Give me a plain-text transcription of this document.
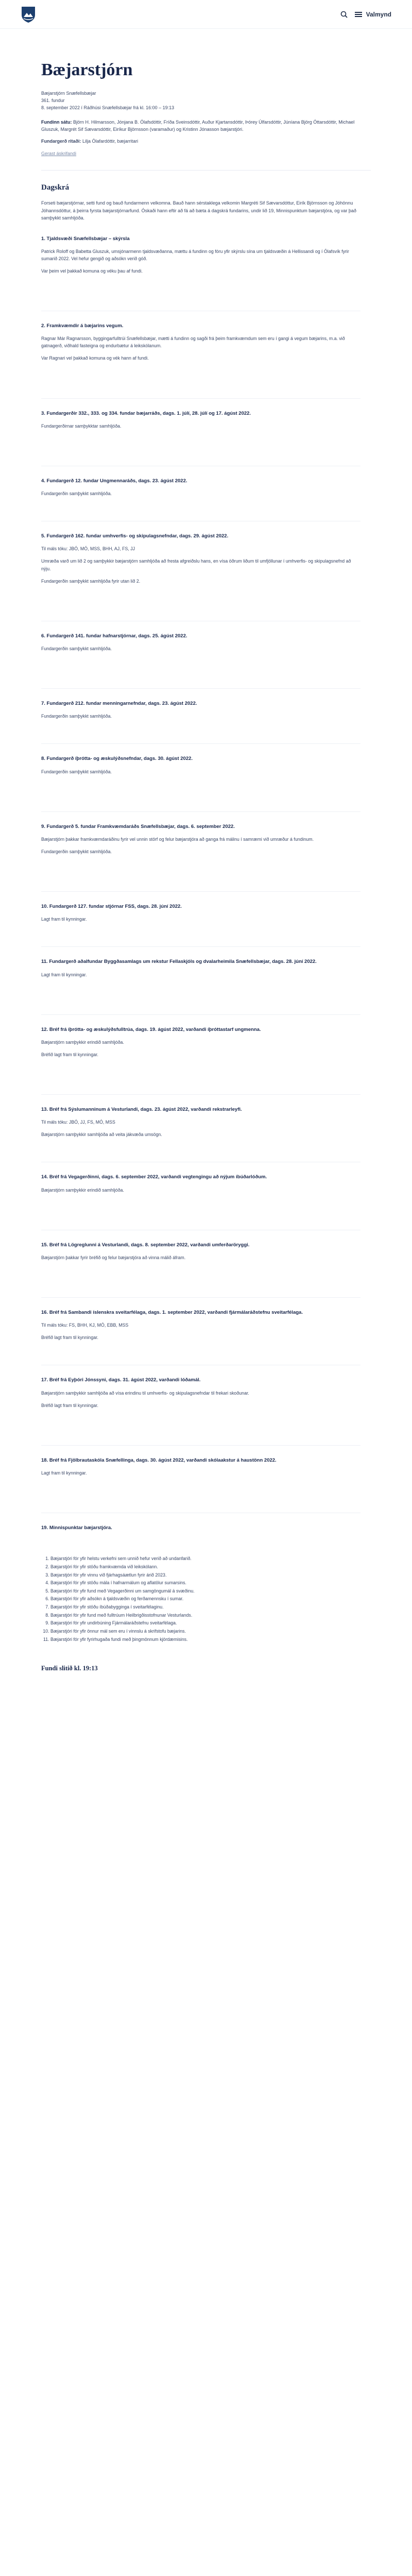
Valmynd
Bæjarstjórn

Bæjarstjórn Snæfellsbæjar

361. fundur

8. september 2022 í Ráðhúsi Snæfellsbæjar frá kl. 16:00 – 19:13

Fundinn sátu: Björn H. Hilmarsson, Jónjana B. Ólafsdóttir, Fríða Sveinsdóttir, Auður Kjartansdóttir, Þórey Úlfarsdóttir, Júníana Björg Óttarsdóttir, Michael Gluszuk, Margrét Sif Sævarsdóttir, Eiríkur Björnsson (varamaður) og Kristinn Jónasson bæjarstjóri.
Fundargerð ritaði: Lilja Ólafardóttir, bæjarritari
Gerast áskrifandi
Dagskrá

Forseti bæjarstjórnar, setti fund og bauð fundarmenn velkomna. Bauð hann sérstaklega velkomin Margréti Sif Sævarsdóttur, Eirík Björnsson og Jóhönnu Jóhannsdóttur, á þeirra fyrsta bæjarstjórnarfund. Óskaði hann eftir að fá að bæta á dagskrá fundarins, undir lið 19, Minnispunktum bæjarstjóra, og var það samþykkt samhljóða.

1. Tjaldsvæði Snæfellsbæjar – skýrsla

Patrick Roloff og Babetta Gluszuk, umsjónarmenn tjaldsvæðanna, mættu á fundinn og fóru yfir skýrslu sína um tjaldsvæðin á Hellissandi og í Ólafsvík fyrir sumarið 2022. Vel hefur gengið og aðsókn verið góð.

Var þeim vel þakkað komuna og véku þau af fundi.

2. Framkvæmdir á bæjarins vegum.

Ragnar Már Ragnarsson, byggingarfulltrúi Snæfellsbæjar, mætti á fundinn og sagði frá þeim framkvæmdum sem eru í gangi á vegum bæjarins, m.a. við gatnagerð, viðhald fasteigna og endurbætur á leikskólanum.

Var Ragnari vel þakkað komuna og vék hann af fundi.

3. Fundargerðir 332., 333. og 334. fundar bæjarráðs, dags. 1. júlí, 28. júlí og 17. ágúst 2022.

Fundargerðirnar samþykktar samhljóða.

4. Fundargerð 12. fundar Ungmennaráðs, dags. 23. ágúst 2022.

Fundargerðin samþykkt samhljóða.

5. Fundargerð 162. fundar umhverfis- og skipulagsnefndar, dags. 29. ágúst 2022.

Til máls tóku: JBÓ, MÓ, MSS, BHH, AJ, FS, JJ

Umræða varð um lið 2 og samþykkir bæjarstjórn samhljóða að fresta afgreiðslu hans, en vísa öðrum liðum til umfjöllunar í umhverfis- og skipulagsnefnd að nýju.

Fundargerðin samþykkt samhljóða fyrir utan lið 2.

6. Fundargerð 141. fundar hafnarstjórnar, dags. 25. ágúst 2022.

Fundargerðin samþykkt samhljóða.

7. Fundargerð 212. fundar menningarnefndar, dags. 23. ágúst 2022.

Fundargerðin samþykkt samhljóða.

8. Fundargerð íþrótta- og æskulýðsnefndar, dags. 30. ágúst 2022.

Fundargerðin samþykkt samhljóða.

9. Fundargerð 5. fundar Framkvæmdaráðs Snæfellsbæjar, dags. 6. september 2022.

Bæjarstjórn þakkar framkvæmdaráðinu fyrir vel unnin störf og felur bæjarstjóra að ganga frá málinu í samræmi við umræður á fundinum.

Fundargerðin samþykkt samhljóða.

10. Fundargerð 127. fundar stjórnar FSS, dags. 28. júní 2022.

Lagt fram til kynningar.

11. Fundargerð aðalfundar Byggðasamlags um rekstur Fellaskjóls og dvalarheimila Snæfellsbæjar, dags. 28. júní 2022.

Lagt fram til kynningar.

12. Bréf frá íþrótta- og æskulýðsfulltrúa, dags. 19. ágúst 2022, varðandi íþróttastarf ungmenna.

Bæjarstjórn samþykkir erindið samhljóða.

Bréfið lagt fram til kynningar.

13. Bréf frá Sýslumanninum á Vesturlandi, dags. 23. ágúst 2022, varðandi rekstrarleyfi.

Til máls tóku: JBÓ, JJ, FS, MÓ, MSS

Bæjarstjórn samþykkir samhljóða að veita jákvæða umsögn.

14. Bréf frá Vegagerðinni, dags. 6. september 2022, varðandi vegtengingu að nýjum íbúðarlóðum.

Bæjarstjórn samþykkir erindið samhljóða.

15. Bréf frá Lögreglunni á Vesturlandi, dags. 8. september 2022, varðandi umferðaröryggi.

Bæjarstjórn þakkar fyrir bréfið og felur bæjarstjóra að vinna málið áfram.

16. Bréf frá Sambandi íslenskra sveitarfélaga, dags. 1. september 2022, varðandi fjármálaráðstefnu sveitarfélaga.

Til máls tóku: FS, BHH, KJ, MÓ, EBB, MSS

Bréfið lagt fram til kynningar.

17. Bréf frá Eyþóri Jónssyni, dags. 31. ágúst 2022, varðandi lóðamál.

Bæjarstjórn samþykkir samhljóða að vísa erindinu til umhverfis- og skipulagsnefndar til frekari skoðunar.

Bréfið lagt fram til kynningar.

18. Bréf frá Fjölbrautaskóla Snæfellinga, dags. 30. ágúst 2022, varðandi skólaakstur á haustönn 2022.

Lagt fram til kynningar.

19. Minnispunktar bæjarstjóra.
1. Bæjarstjóri fór yfir helstu verkefni sem unnið hefur verið að undanfarið.
2. Bæjarstjóri fór yfir stöðu framkvæmda við leikskólann.
3. Bæjarstjóri fór yfir vinnu við fjárhagsáætlun fyrir árið 2023.
4. Bæjarstjóri fór yfir stöðu mála í hafnarmálum og aflatölur sumarsins.
5. Bæjarstjóri fór yfir fund með Vegagerðinni um samgöngumál á svæðinu.
6. Bæjarstjóri fór yfir aðsókn á tjaldsvæðin og ferðamennsku í sumar.
7. Bæjarstjóri fór yfir stöðu íbúðabygginga í sveitarfélaginu.
8. Bæjarstjóri fór yfir fund með fulltrúum Heilbrigðisstofnunar Vesturlands.
9. Bæjarstjóri fór yfir undirbúning Fjármálaráðstefnu sveitarfélaga.
10. Bæjarstjóri fór yfir önnur mál sem eru í vinnslu á skrifstofu bæjarins.
11. Bæjarstjóri fór yfir fyrirhugaða fundi með þingmönnum kjördæmisins.
Fundi slitið kl. 19:13
